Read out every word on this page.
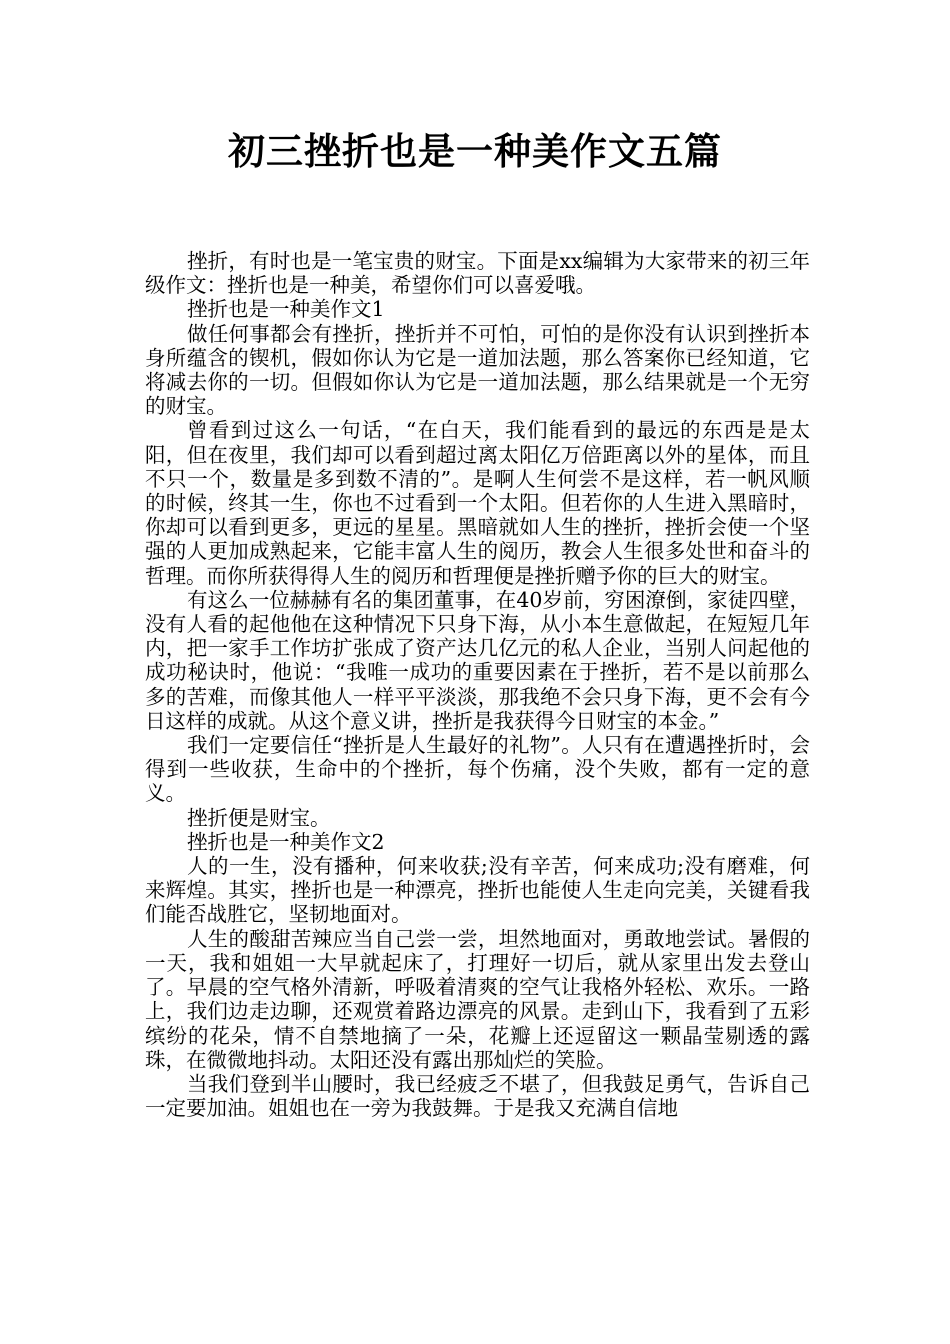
初三挫折也是一种美作文五篇

挫折，有时也是一笔宝贵的财宝。下面是xx编辑为大家带来的初三年级作文：挫折也是一种美，希望你们可以喜爱哦。

挫折也是一种美作文1

做任何事都会有挫折，挫折并不可怕，可怕的是你没有认识到挫折本身所蕴含的锲机，假如你认为它是一道加法题，那么答案你已经知道，它将减去你的一切。但假如你认为它是一道加法题，那么结果就是一个无穷的财宝。

曾看到过这么一句话，“在白天，我们能看到的最远的东西是是太阳，但在夜里，我们却可以看到超过离太阳亿万倍距离以外的星体，而且不只一个，数量是多到数不清的”。是啊人生何尝不是这样，若一帆风顺的时候，终其一生，你也不过看到一个太阳。但若你的人生进入黑暗时，你却可以看到更多，更远的星星。黑暗就如人生的挫折，挫折会使一个坚强的人更加成熟起来，它能丰富人生的阅历，教会人生很多处世和奋斗的哲理。而你所获得得人生的阅历和哲理便是挫折赠予你的巨大的财宝。

有这么一位赫赫有名的集团董事，在40岁前，穷困潦倒，家徒四壁，没有人看的起他他在这种情况下只身下海，从小本生意做起，在短短几年内，把一家手工作坊扩张成了资产达几亿元的私人企业，当别人问起他的成功秘诀时，他说：“我唯一成功的重要因素在于挫折，若不是以前那么多的苦难，而像其他人一样平平淡淡，那我绝不会只身下海，更不会有今日这样的成就。从这个意义讲，挫折是我获得今日财宝的本金。”

我们一定要信任“挫折是人生最好的礼物”。人只有在遭遇挫折时，会得到一些收获，生命中的个挫折，每个伤痛，没个失败，都有一定的意义。

挫折便是财宝。

挫折也是一种美作文2

人的一生，没有播种，何来收获;没有辛苦，何来成功;没有磨难，何来辉煌。其实，挫折也是一种漂亮，挫折也能使人生走向完美，关键看我们能否战胜它，坚韧地面对。

人生的酸甜苦辣应当自己尝一尝，坦然地面对，勇敢地尝试。暑假的一天，我和姐姐一大早就起床了，打理好一切后，就从家里出发去登山了。早晨的空气格外清新，呼吸着清爽的空气让我格外轻松、欢乐。一路上，我们边走边聊，还观赏着路边漂亮的风景。走到山下，我看到了五彩缤纷的花朵，情不自禁地摘了一朵，花瓣上还逗留这一颗晶莹剔透的露珠，在微微地抖动。太阳还没有露出那灿烂的笑脸。

当我们登到半山腰时，我已经疲乏不堪了，但我鼓足勇气，告诉自己一定要加油。姐姐也在一旁为我鼓舞。于是我又充满自信地
